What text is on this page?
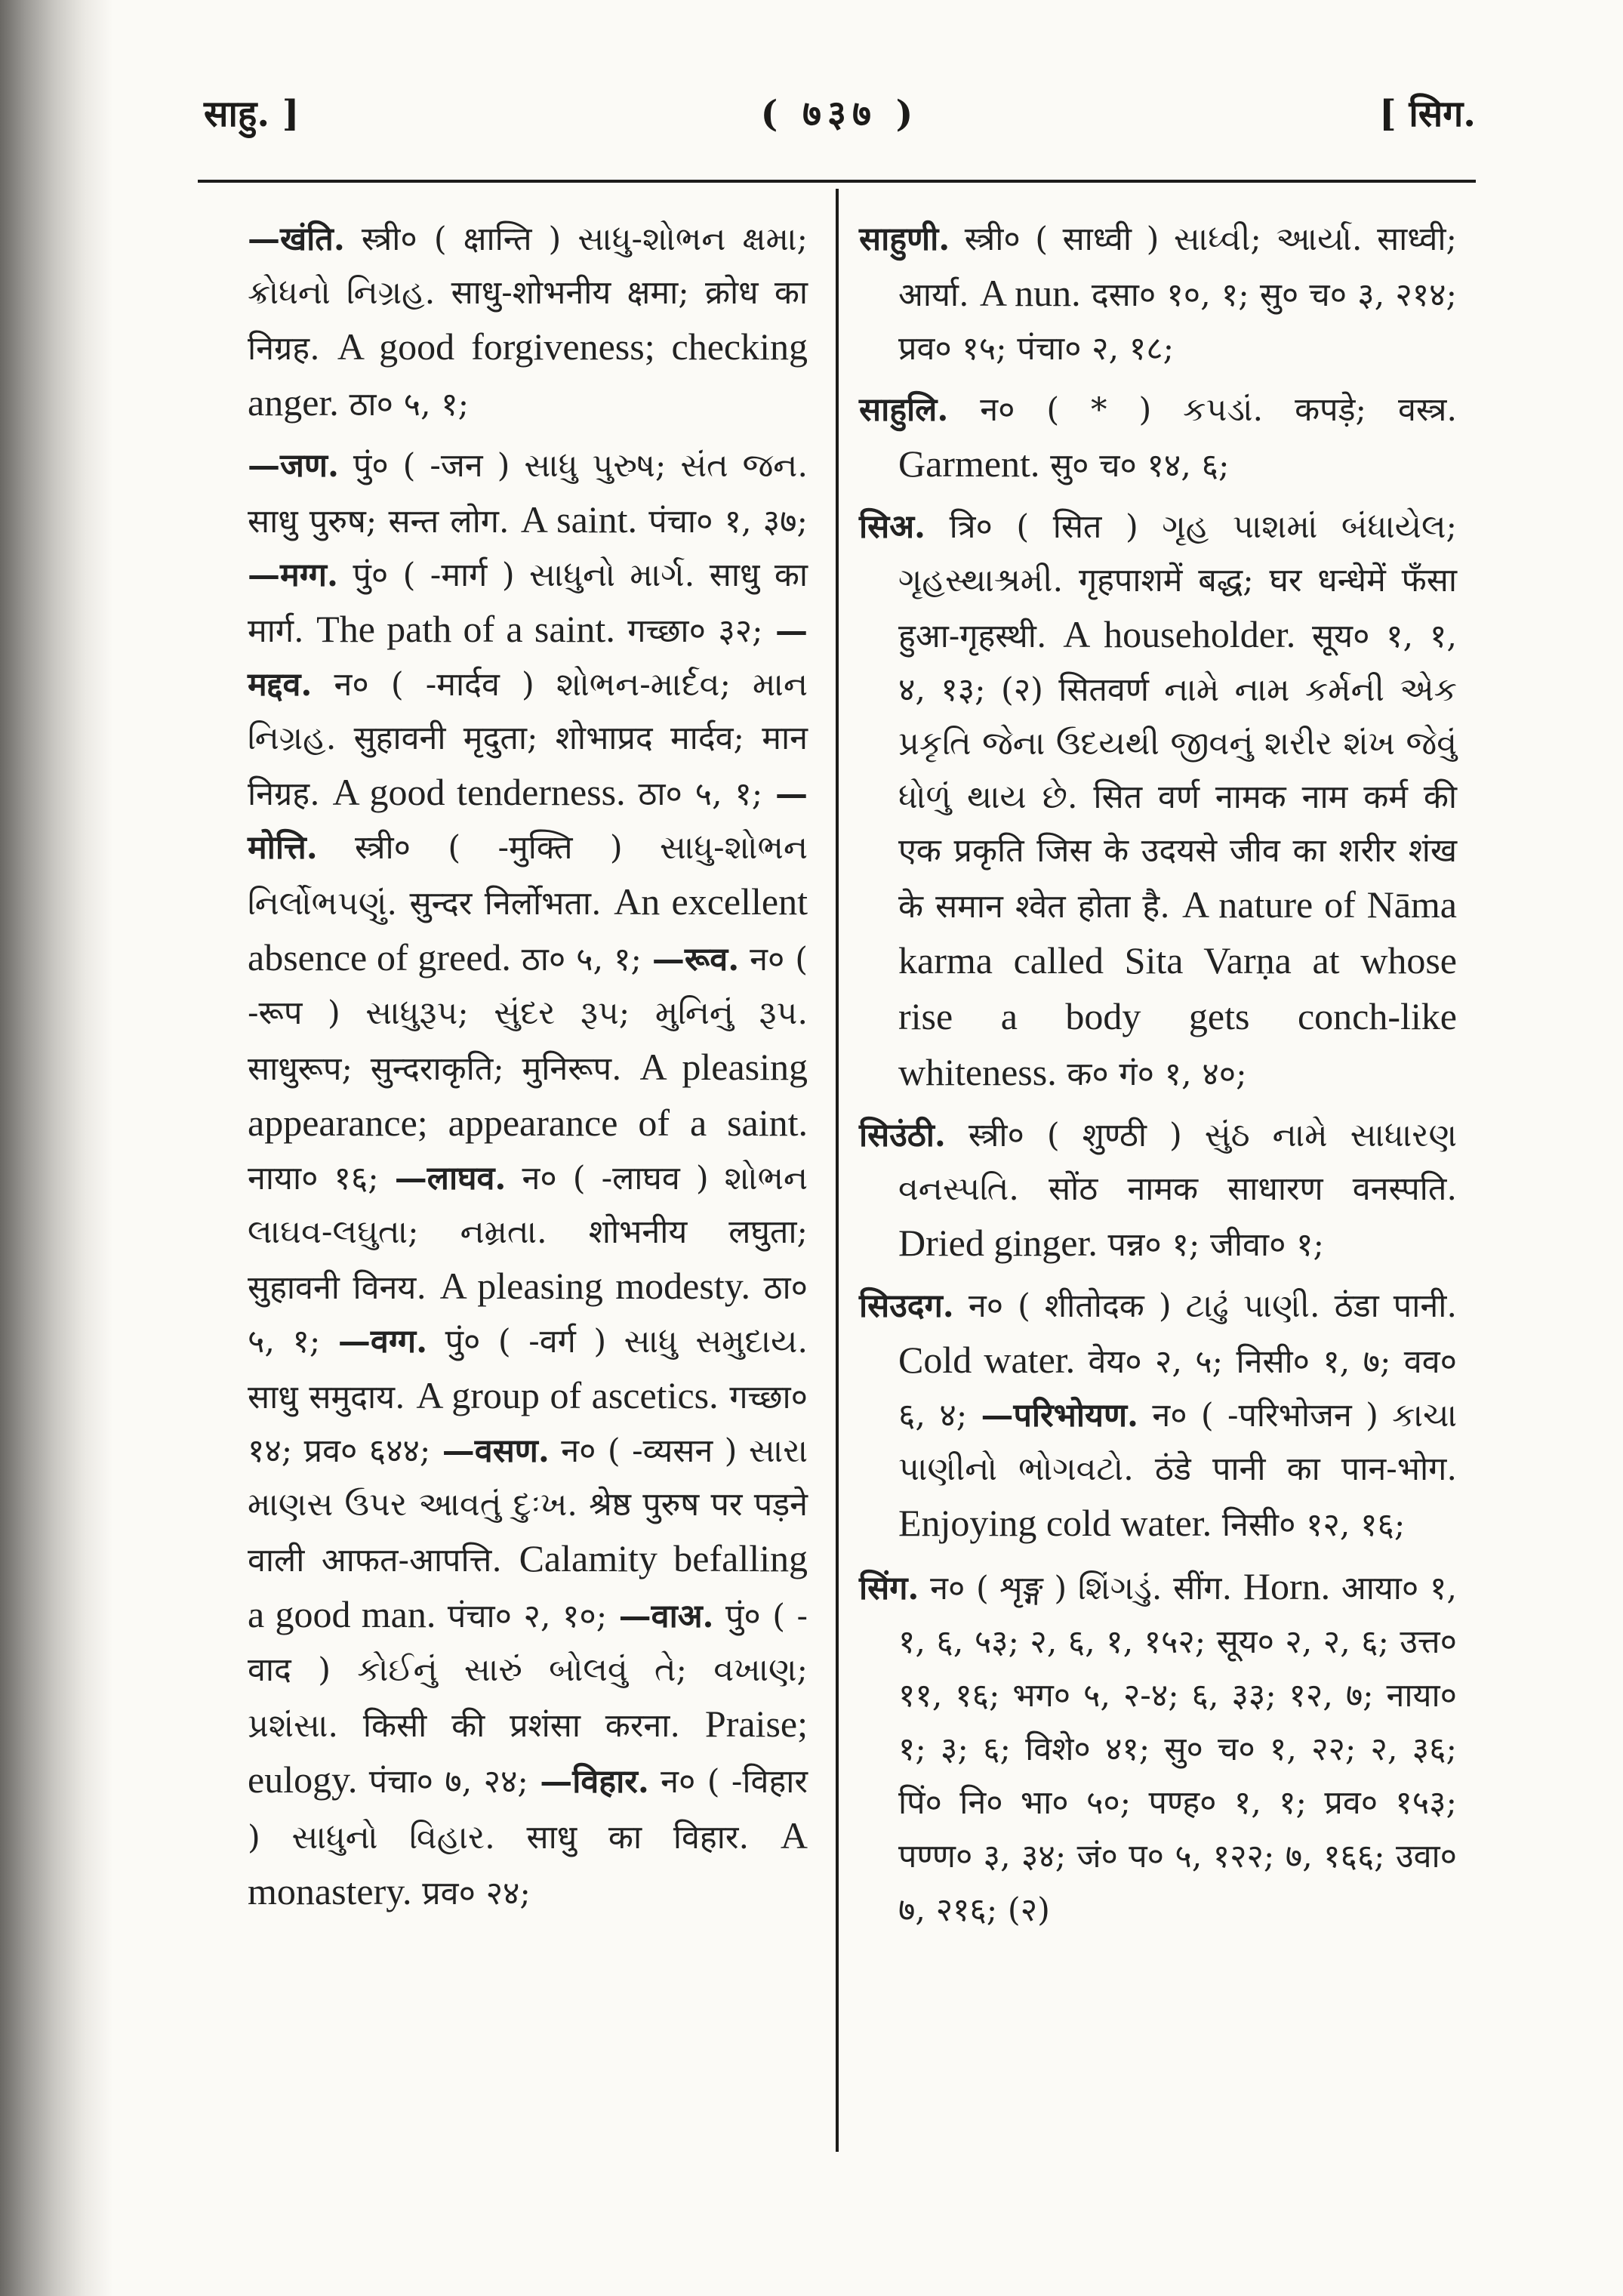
साहु. ]	( ७३७ )	[ सिग.

—खंति. स्त्री० ( क्षान्ति ) સાધુ-શોભન ક્ષમા; ક્રોધનો નિગ્રહ. साधु-शोभनीय क्षमा; क्रोध का निग्रह. A good forgiveness; checking anger. ठा० ५, १;

—जण. पुं० ( -जन ) સાધુ પુરુષ; સંત જન. साधु पुरुष; सन्त लोग. A saint. पंचा० १, ३७; —मग्ग. पुं० ( -मार्ग ) સાધુનો માર્ગ. साधु का मार्ग. The path of a saint. गच्छा० ३२; —मद्दव. न० ( -मार्दव ) શોભન-માર્દવ; માન નિગ્રહ. सुहावनी मृदुता; शोभाप्रद मार्दव; मान निग्रह. A good tenderness. ठा० ५, १; —मोत्ति. स्त्री० ( -मुक्ति ) સાધુ-શોભન નિર્લોભપણું. सुन्दर निर्लोभता. An excellent absence of greed. ठा० ५, १; —रूव. न० ( -रूप ) સાધુરૂપ; સુંદર રૂપ; મુનિનું રૂપ. साधुरूप; सुन्दराकृति; मुनिरूप. A pleasing appearance; appearance of a saint. नाया० १६; —लाघव. न० ( -लाघव ) શોભન લાઘવ-લઘુતા; નમ્રતા. शोभनीय लघुता; सुहावनी विनय. A pleasing modesty. ठा० ५, १; —वग्ग. पुं० ( -वर्ग ) સાધુ સમુદાય. साधु समुदाय. A group of ascetics. गच्छा० १४; प्रव० ६४४; —वसण. न० ( -व्यसन ) સારા માણસ ઉપર આવતું દુઃખ. श्रेष्ठ पुरुष पर पड़ने वाली आफत-आपत्ति. Calamity befalling a good man. पंचा० २, १०; —वाअ. पुं० ( -वाद ) કોઈનું સારું બોલવું તે; વખાણ; પ્રશંસા. किसी की प्रशंसा करना. Praise; eulogy. पंचा० ७, २४; —विहार. न० ( -विहार ) સાધુનો વિહાર. साधु का विहार. A monastery. प्रव० २४;

साहुणी. स्त्री० ( साध्वी ) સાધ્વી; આર્યા. साध्वी; आर्या. A nun. दसा० १०, १; सु० च० ३, २१४; प्रव० १५; पंचा० २, १८;

साहुलि. न० ( * ) કપડાં. कपड़े; वस्त्र. Garment. सु० च० १४, ६;

सिअ. त्रि० ( सित ) ગૃહ પાશમાં બંધાયેલ; ગૃહસ્થાશ્રમી. गृहपाशमें बद्ध; घर धन्धेमें फँसा हुआ-गृहस्थी. A householder. सूय० १, १, ४, १३; (२) सितवर्ण નામે નામ કર્મની એક પ્રકૃતિ જેના ઉદયથી જીવનું શરીર શંખ જેવું ધોળું થાય છે. सित वर्ण नामक नाम कर्म की एक प्रकृति जिस के उदयसे जीव का शरीर शंख के समान श्वेत होता है. A nature of Nāma karma called Sita Varṇa at whose rise a body gets conch-like whiteness. क० गं० १, ४०;

सिउंठी. स्त्री० ( शुण्ठी ) સુંઠ નામે સાધારણ વનસ્પતિ. सोंठ नामक साधारण वनस्पति. Dried ginger. पन्न० १; जीवा० १;

सिउदग. न० ( शीतोदक ) ટાઢું પાણી. ठंडा पानी. Cold water. वेय० २, ५; निसी० १, ७; वव० ६, ४; —परिभोयण. न० ( -परिभोजन ) કાચા પાણીનો ભોગવટો. ठंडे पानी का पान-भोग. Enjoying cold water. निसी० १२, १६;

सिंग. न० ( शृङ्ग ) શિંગડું. सींग. Horn. आया० १, १, ६, ५३; २, ६, १, १५२; सूय० २, २, ६; उत्त० ११, १६; भग० ५, २-४; ६, ३३; १२, ७; नाया० १; ३; ६; विशे० ४१; सु० च० १, २२; २, ३६; पिं० नि० भा० ५०; पण्ह० १, १; प्रव० १५३; पण्ण० ३, ३४; जं० प० ५, १२२; ७, १६६; उवा० ७, २१६; (२)
